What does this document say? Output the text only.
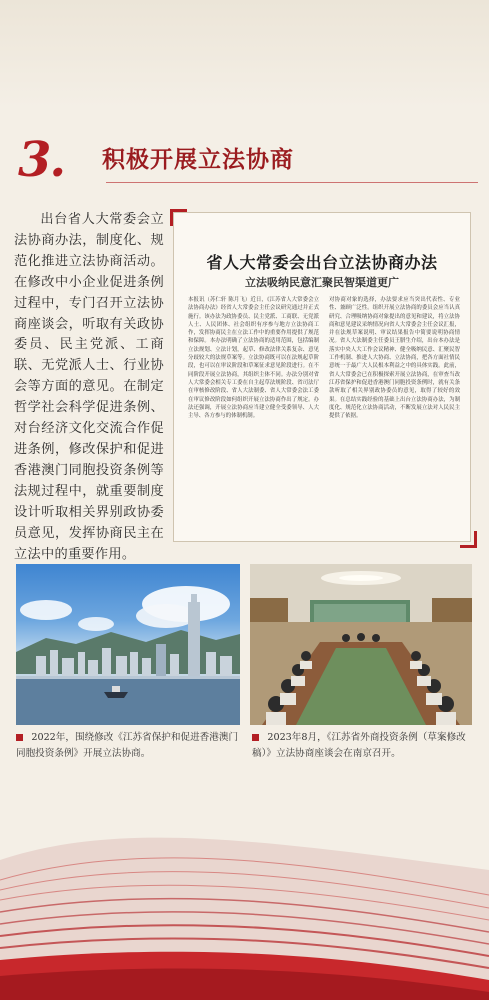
3. 积极开展立法协商
出台省人大常委会立法协商办法，制度化、规范化推进立法协商活动。在修改中小企业促进条例过程中，专门召开立法协商座谈会，听取有关政协委员、民主党派、工商联、无党派人士、行业协会等方面的意见。在制定哲学社会科学促进条例、对台经济文化交流合作促进条例，修改保护和促进香港澳门同胞投资条例等法规过程中，就重要制度设计听取相关界别政协委员意见，发挥协商民主在立法中的重要作用。
省人大常委会出台立法协商办法
立法吸纳民意汇聚民智渠道更广
本报讯（苏仁轩 陈月飞）近日，《江苏省人大常委会立法协商办法》经省人大常委会主任会议研究通过并正式施行。该办法为政协委员、民主党派、工商联、无党派人士、人民团体、社会组织有序参与地方立法协商工作，发挥协商民主在立法工作中的重要作用提供了规范和保障。本办法明确了立法协商的适用范围，包括编制立法规划、立法计划，起草、修改法律关系复杂、意见分歧较大的法规草案等。立法协商既可以在法规起草阶段，也可以在审议阶段和草案征求意见阶段进行。在不同阶段开展立法协商，其组织主体不同。办法分别对省人大常委会相关专工委在自主起草法规阶段、省司法厅在审核修改阶段、省人大法制委、省人大常委会法工委在审议修改阶段如何组织开展立法协商作出了规定。办法还强调，开展立法协商应当建立健全受委领导、人大主导、各方参与的体制机制。
对协商对象的选择，办法要求应当突出代表性、专业性、兼顾广泛性。组织开展立法协商的委员会应当认真研究、合理吸纳协商对象提出的意见和建议，将立法协商和意见建议采纳情况向省人大常委会主任会议汇报，并在法规草案说明、审议结果报告中简要说明协商情况。省人大法制委主任委员王腊生介绍，出台本办法是落实中央人大工作会议精神、健全吸纳民意、汇聚民智工作机制、推进人大协商、立法协商，把各方面社情民意统一于最广大人民根本利益之中的具体实践。此前，省人大常委会已在积极探索开展立法协商，在审查当改江苏省保护和促进香港澳门同胞投资条例时，就有关条款听取了相关界别政协委员的意见，取得了较好的效果。在总结实践经验的基础上出台立法协商办法，为制度化、规范化立法协商活动，不断发展立法对人民民主提供了依据。
2022年，围绕修改《江苏省保护和促进香港澳门同胞投资条例》开展立法协商。
2023年8月，《江苏省外商投资条例（草案修改稿）》立法协商座谈会在南京召开。
